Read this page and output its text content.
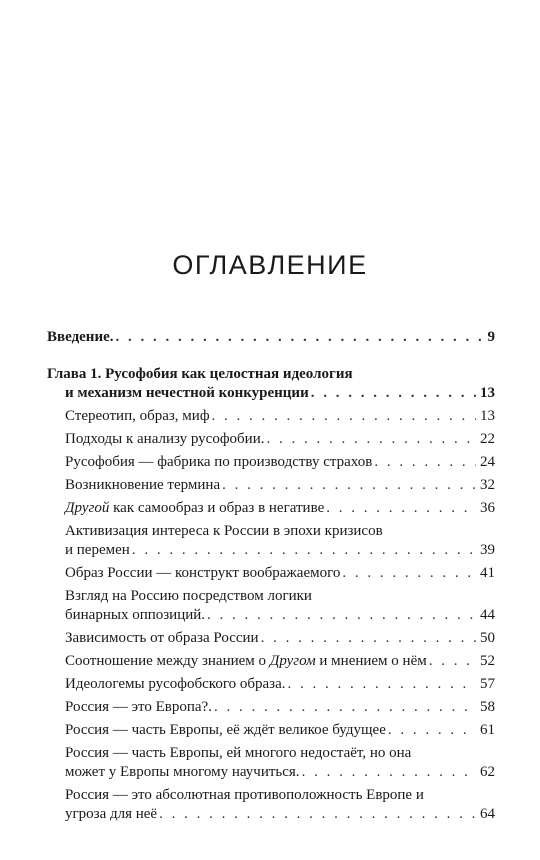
ОГЛАВЛЕНИЕ
Введение. . . .	9
Глава 1. Русофобия как целостная идеология
и механизм нечестной конкуренции . . .	13
Стереотип, образ, миф . . .	13
Подходы к анализу русофобии. . . .	22
Русофобия — фабрика по производству страхов . . .	24
Возникновение термина . . .	32
Другой как самообраз и образ в негативе . . .	36
Активизация интереса к России в эпохи кризисов
и перемен . . .	39
Образ России — конструкт воображаемого . . .	41
Взгляд на Россию посредством логики
бинарных оппозиций. . . .	44
Зависимость от образа России . . .	50
Соотношение между знанием о Другом и мнением о нём . . .	52
Идеологемы русофобского образа. . . .	57
Россия — это Европа?. . . .	58
Россия — часть Европы, её ждёт великое будущее . . .	61
Россия — часть Европы, ей многого недостаёт, но она
может у Европы многому научиться. . . .	62
Россия — это абсолютная противоположность Европе и
угроза для неё . . .	64
